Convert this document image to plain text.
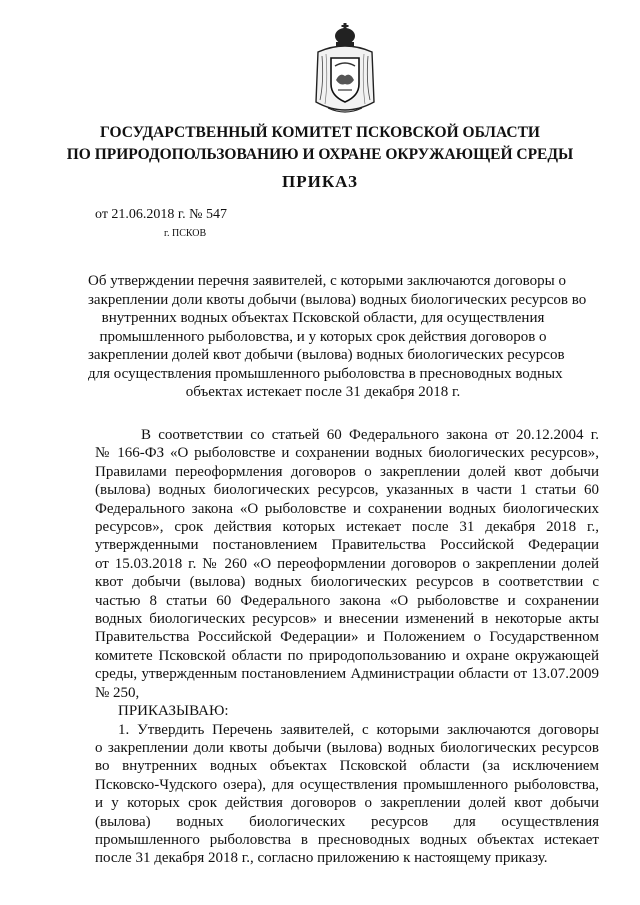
ГОСУДАРСТВЕННЫЙ КОМИТЕТ ПСКОВСКОЙ ОБЛАСТИ
ПО ПРИРОДОПОЛЬЗОВАНИЮ И ОХРАНЕ ОКРУЖАЮЩЕЙ СРЕДЫ
ПРИКАЗ
от 21.06.2018 г. № 547
г. ПСКОВ
Об утверждении перечня заявителей, с которыми заключаются договоры о
закреплении доли квоты добычи (вылова) водных биологических ресурсов во
внутренних водных объектах Псковской области, для осуществления
промышленного рыболовства, и у которых срок действия договоров о
закреплении долей квот добычи (вылова) водных биологических ресурсов
для осуществления промышленного рыболовства в пресноводных водных
объектах истекает после 31 декабря 2018 г.
В соответствии со статьей 60 Федерального закона от 20.12.2004 г.
№ 166-ФЗ «О рыболовстве и сохранении водных биологических ресурсов»,
Правилами переоформления договоров о закреплении долей квот добычи
(вылова) водных биологических ресурсов, указанных в части 1 статьи 60
Федерального закона «О рыболовстве и сохранении водных биологических
ресурсов», срок действия которых истекает после 31 декабря 2018 г.,
утвержденными постановлением Правительства Российской Федерации
от 15.03.2018 г. № 260 «О переоформлении договоров о закреплении долей
квот добычи (вылова) водных биологических ресурсов в соответствии с
частью 8 статьи 60 Федерального закона «О рыболовстве и сохранении
водных биологических ресурсов» и внесении изменений в некоторые акты
Правительства Российской Федерации» и Положением о Государственном
комитете Псковской области по природопользованию и охране окружающей
среды, утвержденным постановлением Администрации области от 13.07.2009
№ 250,
ПРИКАЗЫВАЮ:
1. Утвердить Перечень заявителей, с которыми заключаются договоры
о закреплении доли квоты добычи (вылова) водных биологических ресурсов
во внутренних водных объектах Псковской области (за исключением
Псковско-Чудского озера), для осуществления промышленного рыболовства,
и у которых срок действия договоров о закреплении долей квот добычи
(вылова) водных биологических ресурсов для осуществления
промышленного рыболовства в пресноводных водных объектах истекает
после 31 декабря 2018 г., согласно приложению к настоящему приказу.
